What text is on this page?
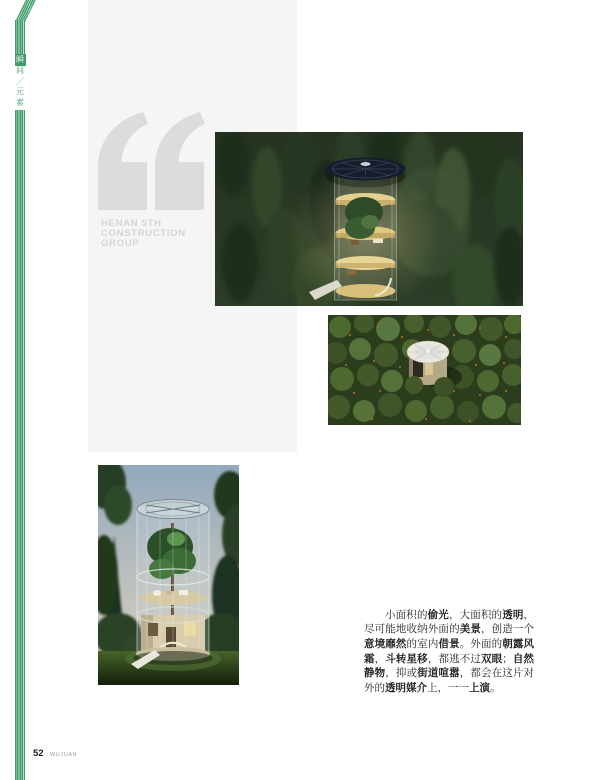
瞬
间
／
元
素
HENAN 5TH
CONSTRUCTION
GROUP

小面积的偷光，大面积的透明，尽可能地收纳外面的美景，创造一个意境靡然的室内借景。外面的朝露风霜，斗转星移，都逃不过双眼；自然静物，抑或街道喧嚣，都会在这片对外的透明媒介上，一一上演。

52 WUJUAN
